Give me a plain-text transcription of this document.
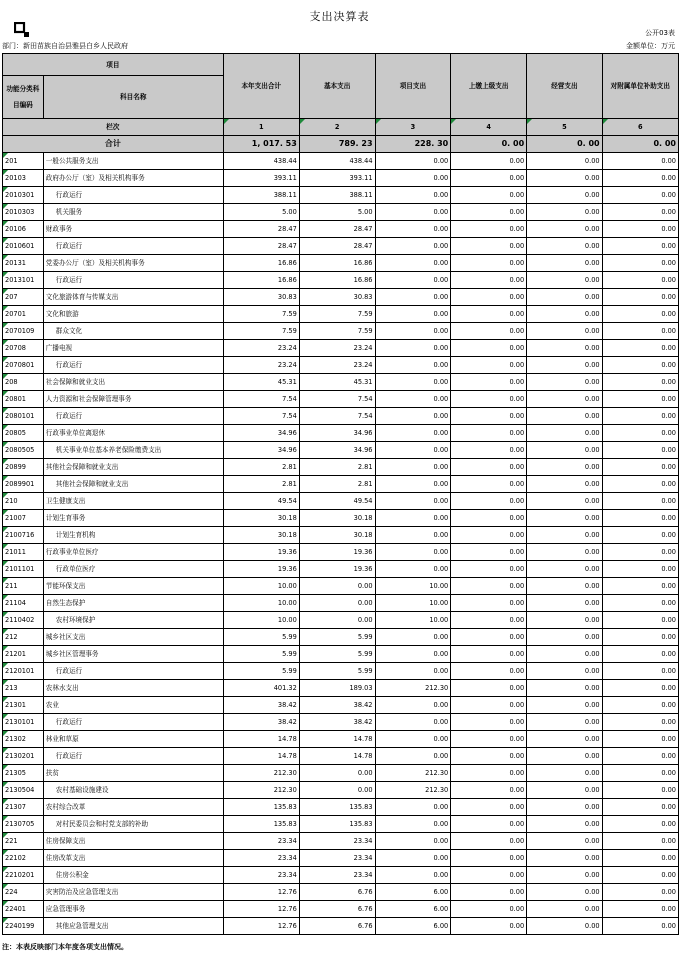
支出决算表
公开03表
部门：新田苗族自治县雅县白乡人民政府	金额单位：万元
项目		本年支出合计	基本支出	项目支出	上缴上级支出	经营支出	对附属单位补助支出
功能分类科目编码	科目名称						
栏次		1	2	3	4	5	6
合计		1, 017. 53	789. 23	228. 30	0. 00	0. 00	0. 00
201	一般公共服务支出	438.44	438.44	0.00	0.00	0.00	0.00
20103	政府办公厅（室）及相关机构事务	393.11	393.11	0.00	0.00	0.00	0.00
2010301	行政运行	388.11	388.11	0.00	0.00	0.00	0.00
2010303	机关服务	5.00	5.00	0.00	0.00	0.00	0.00
20106	财政事务	28.47	28.47	0.00	0.00	0.00	0.00
2010601	行政运行	28.47	28.47	0.00	0.00	0.00	0.00
20131	党委办公厅（室）及相关机构事务	16.86	16.86	0.00	0.00	0.00	0.00
2013101	行政运行	16.86	16.86	0.00	0.00	0.00	0.00
207	文化旅游体育与传媒支出	30.83	30.83	0.00	0.00	0.00	0.00
20701	文化和旅游	7.59	7.59	0.00	0.00	0.00	0.00
2070109	群众文化	7.59	7.59	0.00	0.00	0.00	0.00
20708	广播电视	23.24	23.24	0.00	0.00	0.00	0.00
2070801	行政运行	23.24	23.24	0.00	0.00	0.00	0.00
208	社会保障和就业支出	45.31	45.31	0.00	0.00	0.00	0.00
20801	人力资源和社会保障管理事务	7.54	7.54	0.00	0.00	0.00	0.00
2080101	行政运行	7.54	7.54	0.00	0.00	0.00	0.00
20805	行政事业单位离退休	34.96	34.96	0.00	0.00	0.00	0.00
2080505	机关事业单位基本养老保险缴费支出	34.96	34.96	0.00	0.00	0.00	0.00
20899	其他社会保障和就业支出	2.81	2.81	0.00	0.00	0.00	0.00
2089901	其他社会保障和就业支出	2.81	2.81	0.00	0.00	0.00	0.00
210	卫生健康支出	49.54	49.54	0.00	0.00	0.00	0.00
21007	计划生育事务	30.18	30.18	0.00	0.00	0.00	0.00
2100716	计划生育机构	30.18	30.18	0.00	0.00	0.00	0.00
21011	行政事业单位医疗	19.36	19.36	0.00	0.00	0.00	0.00
2101101	行政单位医疗	19.36	19.36	0.00	0.00	0.00	0.00
211	节能环保支出	10.00	0.00	10.00	0.00	0.00	0.00
21104	自然生态保护	10.00	0.00	10.00	0.00	0.00	0.00
2110402	农村环境保护	10.00	0.00	10.00	0.00	0.00	0.00
212	城乡社区支出	5.99	5.99	0.00	0.00	0.00	0.00
21201	城乡社区管理事务	5.99	5.99	0.00	0.00	0.00	0.00
2120101	行政运行	5.99	5.99	0.00	0.00	0.00	0.00
213	农林水支出	401.32	189.03	212.30	0.00	0.00	0.00
21301	农业	38.42	38.42	0.00	0.00	0.00	0.00
2130101	行政运行	38.42	38.42	0.00	0.00	0.00	0.00
21302	林业和草原	14.78	14.78	0.00	0.00	0.00	0.00
2130201	行政运行	14.78	14.78	0.00	0.00	0.00	0.00
21305	扶贫	212.30	0.00	212.30	0.00	0.00	0.00
2130504	农村基础设施建设	212.30	0.00	212.30	0.00	0.00	0.00
21307	农村综合改革	135.83	135.83	0.00	0.00	0.00	0.00
2130705	对村民委员会和村党支部的补助	135.83	135.83	0.00	0.00	0.00	0.00
221	住房保障支出	23.34	23.34	0.00	0.00	0.00	0.00
22102	住房改革支出	23.34	23.34	0.00	0.00	0.00	0.00
2210201	住房公积金	23.34	23.34	0.00	0.00	0.00	0.00
224	灾害防治及应急管理支出	12.76	6.76	6.00	0.00	0.00	0.00
22401	应急管理事务	12.76	6.76	6.00	0.00	0.00	0.00
2240199	其他应急管理支出	12.76	6.76	6.00	0.00	0.00	0.00
注：本表反映部门本年度各项支出情况。
